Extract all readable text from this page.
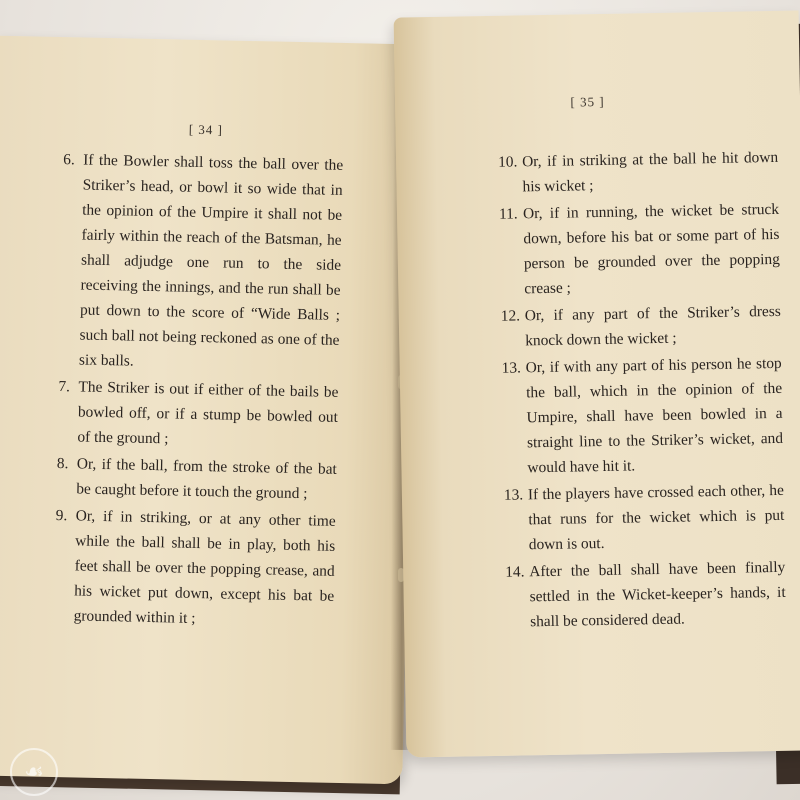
[ 34 ]
6. If the Bowler shall toss the ball over the Striker’s head, or bowl it so wide that in the opinion of the Umpire it shall not be fairly within the reach of the Batsman, he shall adjudge one run to the side receiving the innings, and the run shall be put down to the score of “Wide Balls ; such ball not being reckoned as one of the six balls.
7. The Striker is out if either of the bails be bowled off, or if a stump be bowled out of the ground ;
8. Or, if the ball, from the stroke of the bat be caught before it touch the ground ;
9. Or, if in striking, or at any other time while the ball shall be in play, both his feet shall be over the popping crease, and his wicket put down, except his bat be grounded within it ;
[ 35 ]
10. Or, if in striking at the ball he hit down his wicket ;
11. Or, if in running, the wicket be struck down, before his bat or some part of his person be grounded over the popping crease ;
12. Or, if any part of the Striker’s dress knock down the wicket ;
13. Or, if with any part of his person he stop the ball, which in the opinion of the Umpire, shall have been bowled in a straight line to the Striker’s wicket, and would have hit it.
13. If the players have crossed each other, he that runs for the wicket which is put down is out.
14. After the ball shall have been finally settled in the Wicket-keeper’s hands, it shall be considered dead.
☙
